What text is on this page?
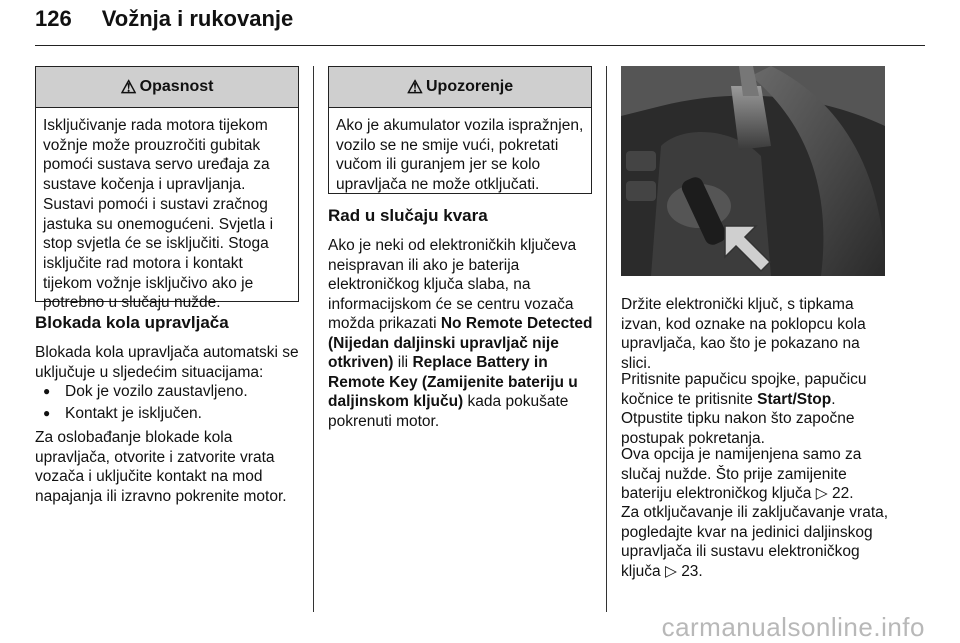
126 Vožnja i rukovanje
⚠ Opasnost
Isključivanje rada motora tijekom vožnje može prouzročiti gubitak pomoći sustava servo uređaja za sustave kočenja i upravljanja. Sustavi pomoći i sustavi zračnog jastuka su onemogućeni. Svjetla i stop svjetla će se isključiti. Stoga isključite rad motora i kontakt tijekom vožnje isključivo ako je potrebno u slučaju nužde.
Blokada kola upravljača

Blokada kola upravljača automatski se uključuje u sljedećim situacijama:

● Dok je vozilo zaustavljeno.
● Kontakt je isključen.

Za oslobađanje blokade kola upravljača, otvorite i zatvorite vrata vozača i uključite kontakt na mod napajanja ili izravno pokrenite motor.

⚠ Upozorenje
Ako je akumulator vozila ispražnjen, vozilo se ne smije vući, pokretati vučom ili guranjem jer se kolo upravljača ne može otključati.
Rad u slučaju kvara

Ako je neki od elektroničkih ključeva neispravan ili ako je baterija elektroničkog ključa slaba, na informacijskom će se centru vozača možda prikazati No Remote Detected (Nijedan daljinski upravljač nije otkriven) ili Replace Battery in Remote Key (Zamijenite bateriju u daljinskom ključu) kada pokušate pokrenuti motor.

Držite elektronički ključ, s tipkama izvan, kod oznake na poklopcu kola upravljača, kao što je pokazano na slici.

Pritisnite papučicu spojke, papučicu kočnice te pritisnite Start/Stop. Otpustite tipku nakon što započne postupak pokretanja.

Ova opcija je namijenjena samo za slučaj nužde. Što prije zamijenite bateriju elektroničkog ključa ▷ 22.

Za otključavanje ili zaključavanje vrata, pogledajte kvar na jedinici daljinskog upravljača ili sustavu elektroničkog ključa ▷ 23.

carmanualsonline.info
